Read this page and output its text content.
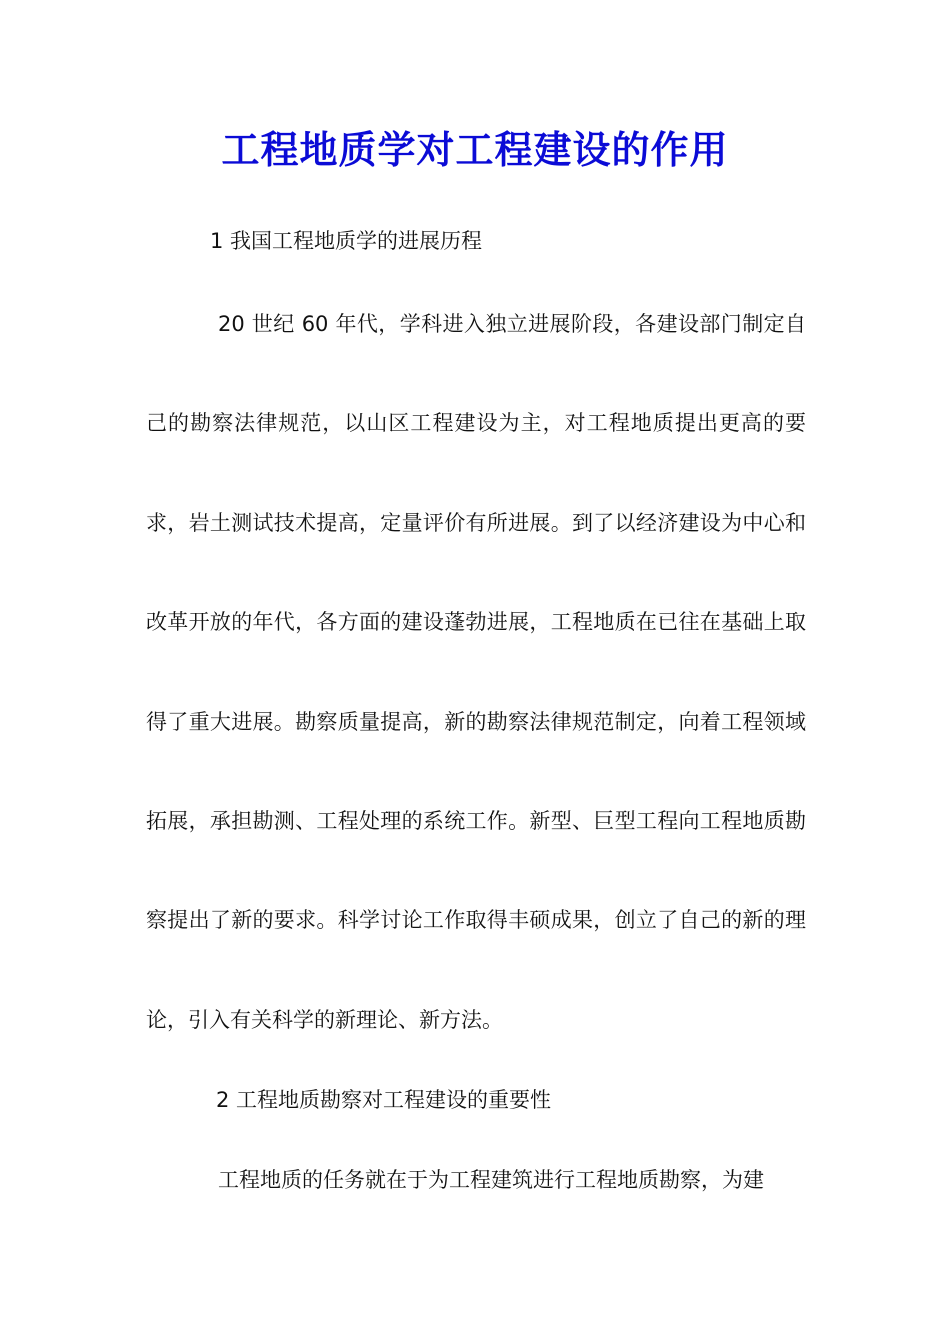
工程地质学对工程建设的作用
1 我国工程地质学的进展历程

20 世纪 60 年代，学科进入独立进展阶段，各建设部门制定自己的勘察法律规范，以山区工程建设为主，对工程地质提出更高的要求，岩土测试技术提高，定量评价有所进展。到了以经济建设为中心和改革开放的年代，各方面的建设蓬勃进展，工程地质在已往在基础上取得了重大进展。勘察质量提高，新的勘察法律规范制定，向着工程领域拓展，承担勘测、工程处理的系统工作。新型、巨型工程向工程地质勘察提出了新的要求。科学讨论工作取得丰硕成果，创立了自己的新的理论，引入有关科学的新理论、新方法。

2 工程地质勘察对工程建设的重要性

工程地质的任务就在于为工程建筑进行工程地质勘察，为建
